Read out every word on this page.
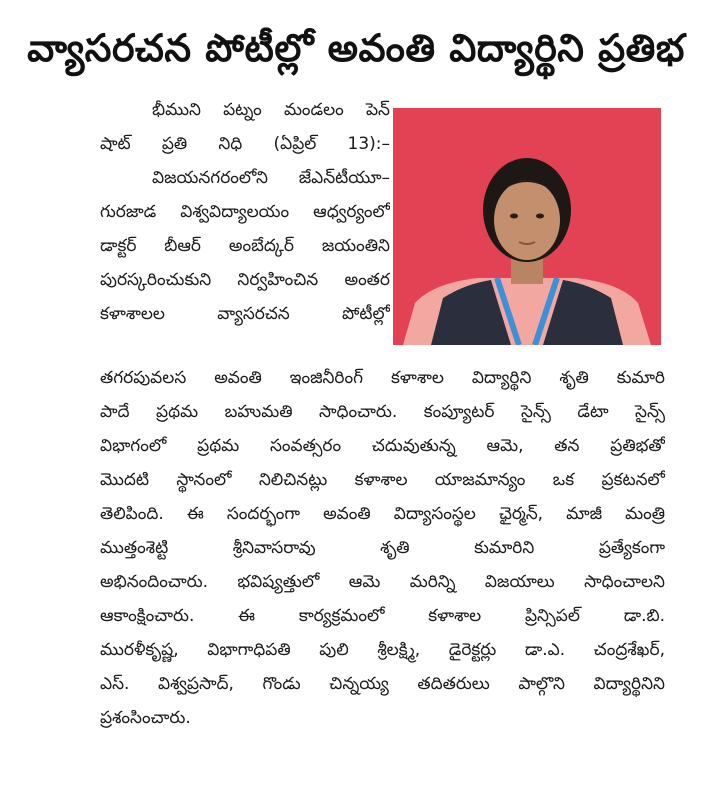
వ్యాసరచన పోటీల్లో అవంతి విద్యార్థిని ప్రతిభ
భీముని పట్నం మండలం పెన్
షాట్ ప్రతి నిధి (ఏప్రిల్ 13):–
విజయనగరంలోని జేఎన్‌టీయూ–
గురజాడ విశ్వవిద్యాలయం ఆధ్వర్యంలో
డాక్టర్ బీఆర్ అంబేద్కర్ జయంతిని
పురస్కరించుకుని నిర్వహించిన అంతర
కళాశాలల వ్యాసరచన పోటీల్లో
తగరపువలస అవంతి ఇంజినీరింగ్ కళాశాల విద్యార్థిని శృతి కుమారి
పాదే ప్రథమ బహుమతి సాధించారు. కంప్యూటర్ సైన్స్ డేటా సైన్స్
విభాగంలో ప్రథమ సంవత్సరం చదువుతున్న ఆమె, తన ప్రతిభతో
మొదటి స్థానంలో నిలిచినట్లు కళాశాల యాజమాన్యం ఒక ప్రకటనలో
తెలిపింది. ఈ సందర్భంగా అవంతి విద్యాసంస్థల ఛైర్మన్, మాజీ మంత్రి
ముత్తంశెట్టి శ్రీనివాసరావు శృతి కుమారిని ప్రత్యేకంగా
అభినందించారు. భవిష్యత్తులో ఆమె మరిన్ని విజయాలు సాధించాలని
ఆకాంక్షించారు. ఈ కార్యక్రమంలో కళాశాల ప్రిన్సిపల్ డా.బి.
మురళీకృష్ణ, విభాగాధిపతి పులి శ్రీలక్ష్మి, డైరెక్టర్లు డా.ఎ. చంద్రశేఖర్,
ఎస్. విశ్వప్రసాద్, గొండు చిన్నయ్య తదితరులు పాల్గొని విద్యార్థినిని
ప్రశంసించారు.
